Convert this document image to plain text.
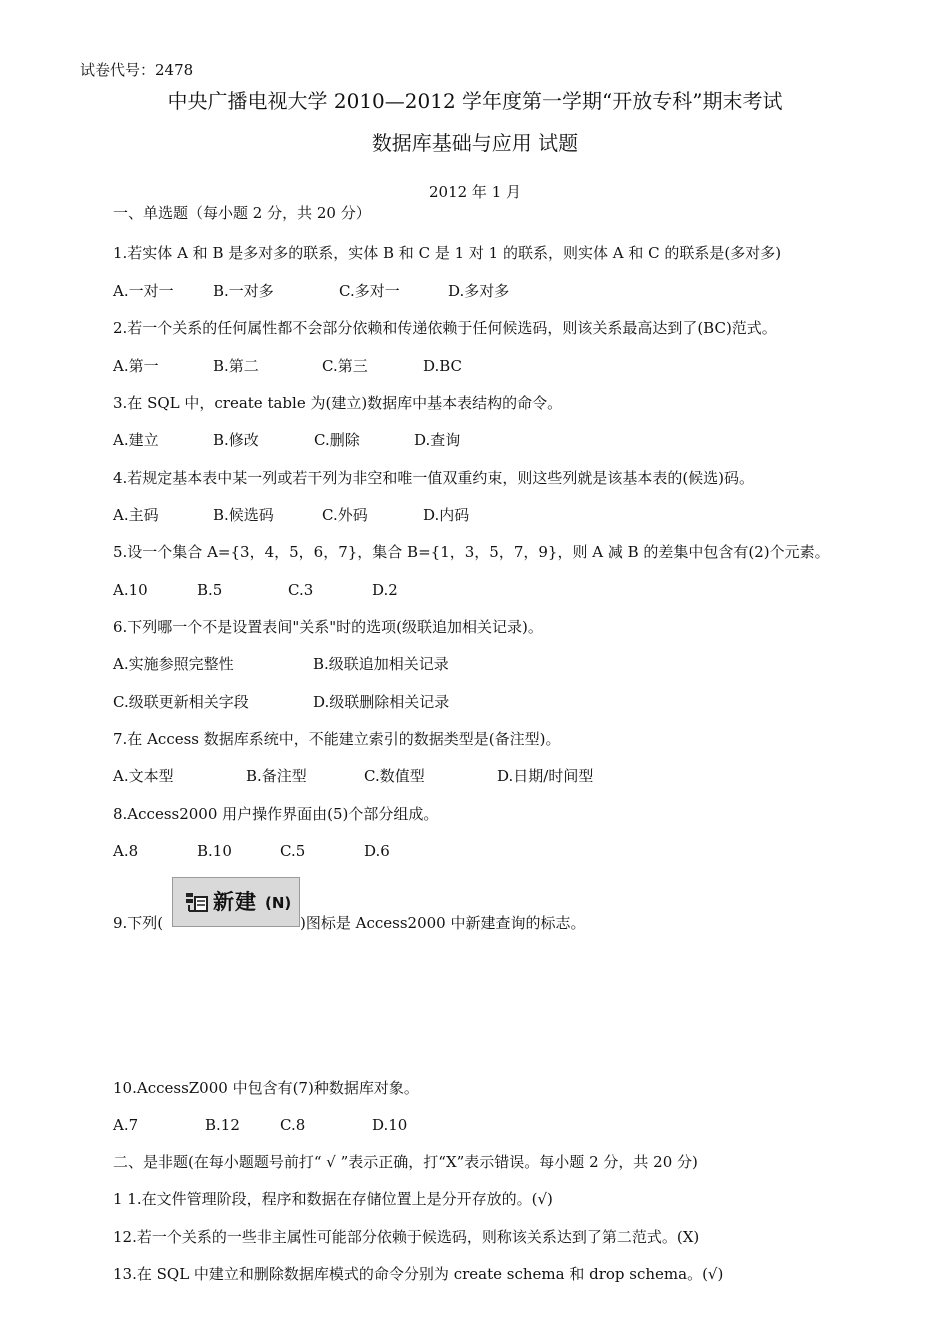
试卷代号：2478
中央广播电视大学 2010—2012 学年度第一学期“开放专科”期末考试
数据库基础与应用 试题
2012 年 1 月
一、单选题（每小题 2 分，共 20 分）
1.若实体 A 和 B 是多对多的联系，实体 B 和 C 是 1 对 1 的联系，则实体 A 和 C 的联系是(多对多)
A.一对一	B.一对多	C.多对一	D.多对多
2.若一个关系的任何属性都不会部分依赖和传递依赖于任何候选码，则该关系最高达到了(BC)范式。
A.第一	B.第二	C.第三	D.BC
3.在 SQL 中，create table 为(建立)数据库中基本表结构的命令。
A.建立	B.修改	C.删除	D.查询
4.若规定基本表中某一列或若干列为非空和唯一值双重约束，则这些列就是该基本表的(候选)码。
A.主码	B.候选码	C.外码	D.内码
5.设一个集合 A={3，4，5，6，7}，集合 B={1，3，5，7，9}，则 A 减 B 的差集中包含有(2)个元素。
A.10	B.5	C.3	D.2
6.下列哪一个不是设置表间"关系"时的选项(级联追加相关记录)。
A.实施参照完整性	B.级联追加相关记录
C.级联更新相关字段	D.级联删除相关记录
7.在 Access 数据库系统中，不能建立索引的数据类型是(备注型)。
A.文本型	B.备注型	C.数值型	D.日期/时间型
8.Access2000 用户操作界面由(5)个部分组成。
A.8	B.10	C.5	D.6
9.下列(
新建 (N)
)图标是 Access2000 中新建查询的标志。
10.AccessZ000 中包含有(7)种数据库对象。
A.7	B.12	C.8	D.10
二、是非题(在每小题题号前打“ √ ”表示正确，打“X”表示错误。每小题 2 分，共 20 分)
1 1.在文件管理阶段，程序和数据在存储位置上是分开存放的。(√)
12.若一个关系的一些非主属性可能部分依赖于候选码，则称该关系达到了第二范式。(X)
13.在 SQL 中建立和删除数据库模式的命令分别为 create schema 和 drop schema。(√)
